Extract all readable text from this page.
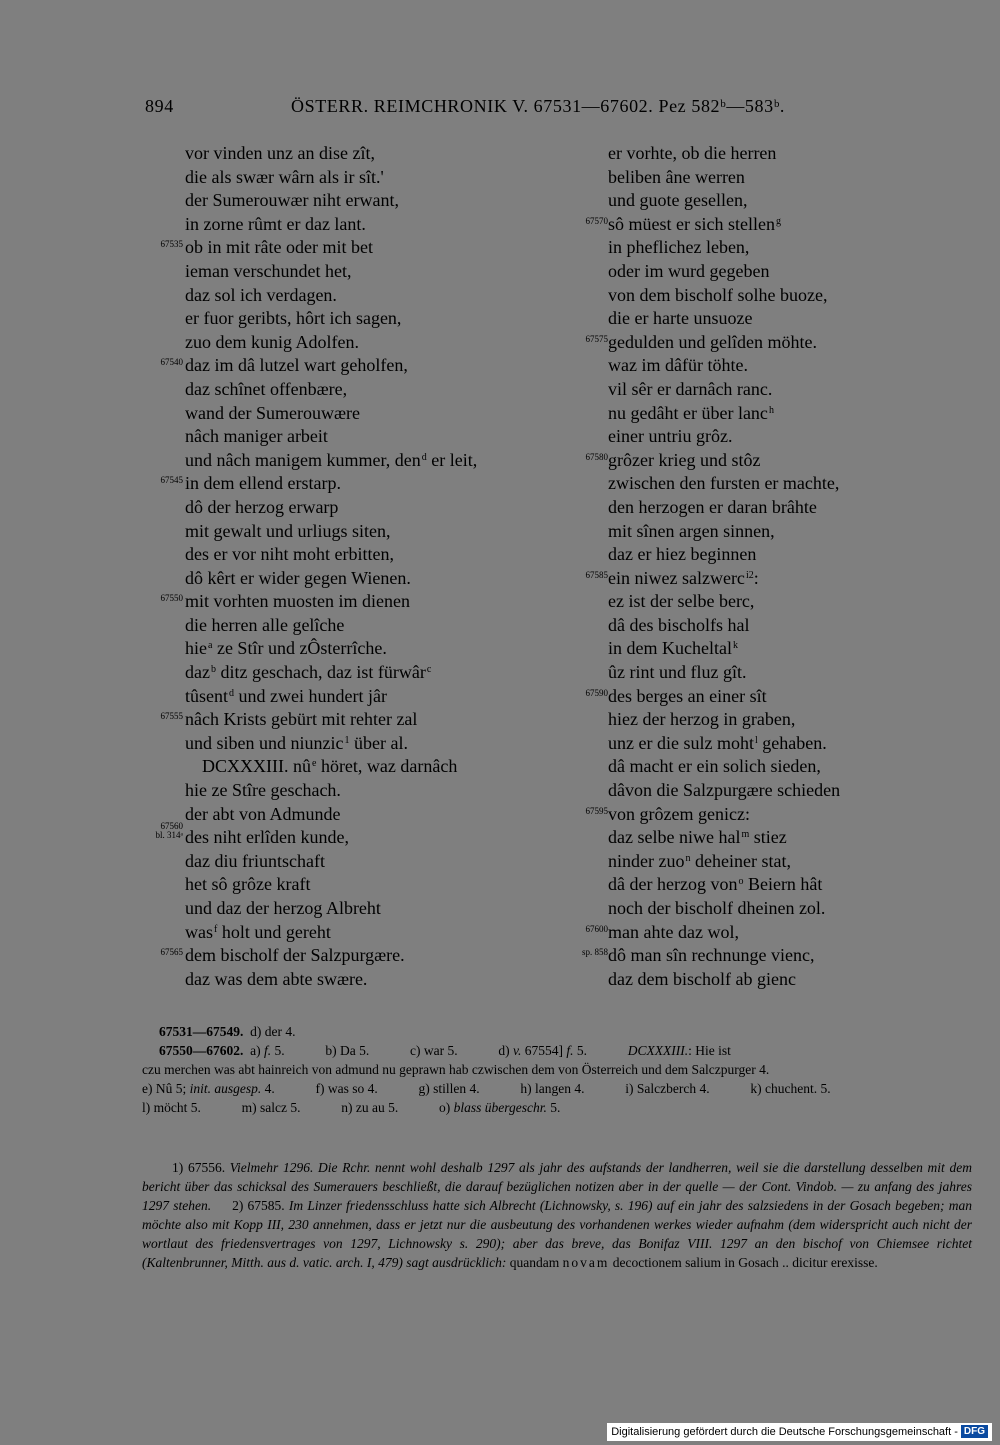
894	ÖSTERR. REIMCHRONIK V. 67531—67602. Pez 582ᵇ—583ᵇ.
vor vinden unz an dise zît,
die als swær wârn als ir sît.'
der Sumerouwær niht erwant,
in zorne rûmt er daz lant.
67535 ob in mit râte oder mit bet
ieman verschundet het,
daz sol ich verdagen.
er fuor geribts, hôrt ich sagen,
zuo dem kunig Adolfen.
67540 daz im dâ lutzel wart geholfen,
daz schînet offenbære,
wand der Sumerouwære
nâch maniger arbeit
und nâch manigem kummer, den$^d$ er leit,
67545 in dem ellend erstarp.
dô der herzog erwarp
mit gewalt und urliugs siten,
des er vor niht moht erbitten,
dô kêrt er wider gegen Wienen.
67550 mit vorhten muosten im dienen
die herren alle gelîche
hie$^a$ ze Stîr und zÔsterrîche.
daz$^b$ ditz geschach, daz ist fürwâr$^c$
tûsent$^d$ und zwei hundert jâr
67555 nâch Krists gebürt mit rehter zal
und siben und niunzic$^1$ über al.
DCXXXIII. $nû^e$ höret, waz darnâch
hie ze Stîre geschach.
der abt von Admunde
67560
bl. 314ᵃ des niht erlîden kunde,
daz diu friuntschaft
het sô grôze kraft
und daz der herzog Albreht
was$^f$ holt und gereht
67565 dem bischolf der Salzpurgære.
daz was dem abte swære.
er vorhte, ob die herren
beliben âne werren
und guote gesellen,
67570 sô müest er sich stellen$^g$
in pheflichez leben,
oder im wurd gegeben
von dem bischolf solhe buoze,
die er harte unsuoze
67575 gedulden und gelîden möhte.
waz im dâfür töhte.
vil sêr er darnâch ranc.
nu gedâht er über lanc$^h$
einer untriu grôz.
67580 grôzer krieg und stôz
zwischen den fursten er machte,
den herzogen er daran brâhte
mit sînen argen sinnen,
daz er hiez beginnen
67585 ein niwez salzwerc$^{i2}$:
ez ist der selbe berc,
dâ des bischolfs hal
in dem Kucheltal$^k$
ûz rint und fluz gît.
67590 des berges an einer sît
hiez der herzog in graben,
unz er die sulz moht$^l$ gehaben.
dâ macht er ein solich sieden,
dâvon die Salzpurgære schieden
67595 von grôzem genicz:
daz selbe niwe hal$^m$ stiez
ninder zuo$^n$ deheiner stat,
dâ der herzog von$^o$ Beiern hât
noch der bischolf dheinen zol.
67600 man ahte daz wol,
sp. 858 dô man sîn rechnunge vienc,
daz dem bischolf ab gienc
67531—67549.  d) der 4.
67550—67602.  a) f. 5.	b) Da 5.	c) war 5.	d) v. 67554] f. 5.	DCXXXIII.: Hie ist
czu merchen was abt hainreich von admund nu geprawn hab czwischen dem von Österreich und dem Salczpurger 4.
e) Nû 5; init. ausgesp. 4.	f) was so 4.	g) stillen 4.	h) langen 4.	i) Salczberch 4.	k) chuchent. 5.
l) möcht 5.	m) salcz 5.	n) zu au 5.	o) blass übergeschr. 5.

1) 67556. Vielmehr 1296. Die Rchr. nennt wohl deshalb 1297 als jahr des aufstands der landherren, weil sie die darstellung desselben mit dem bericht über das schicksal des Sumerauers beschließt, die darauf bezüglichen notizen aber in der quelle — der Cont. Vindob. — zu anfang des jahres 1297 stehen.     2) 67585. Im Linzer friedensschluss hatte sich Albrecht (Lichnowsky, s. 196) auf ein jahr des salzsiedens in der Gosach begeben; man möchte also mit Kopp III, 230 annehmen, dass er jetzt nur die ausbeutung des vorhandenen werkes wieder aufnahm (dem widerspricht auch nicht der wortlaut des friedensvertrages von 1297, Lichnowsky s. 290); aber das breve, das Bonifaz VIII. 1297 an den bischof von Chiemsee richtet (Kaltenbrunner, Mitth. aus d. vatic. arch. I, 479) sagt ausdrücklich: quandam novam decoctionem salium in Gosach .. dicitur erexisse.

Digitalisierung gefördert durch die Deutsche Forschungsgemeinschaft - DFG
